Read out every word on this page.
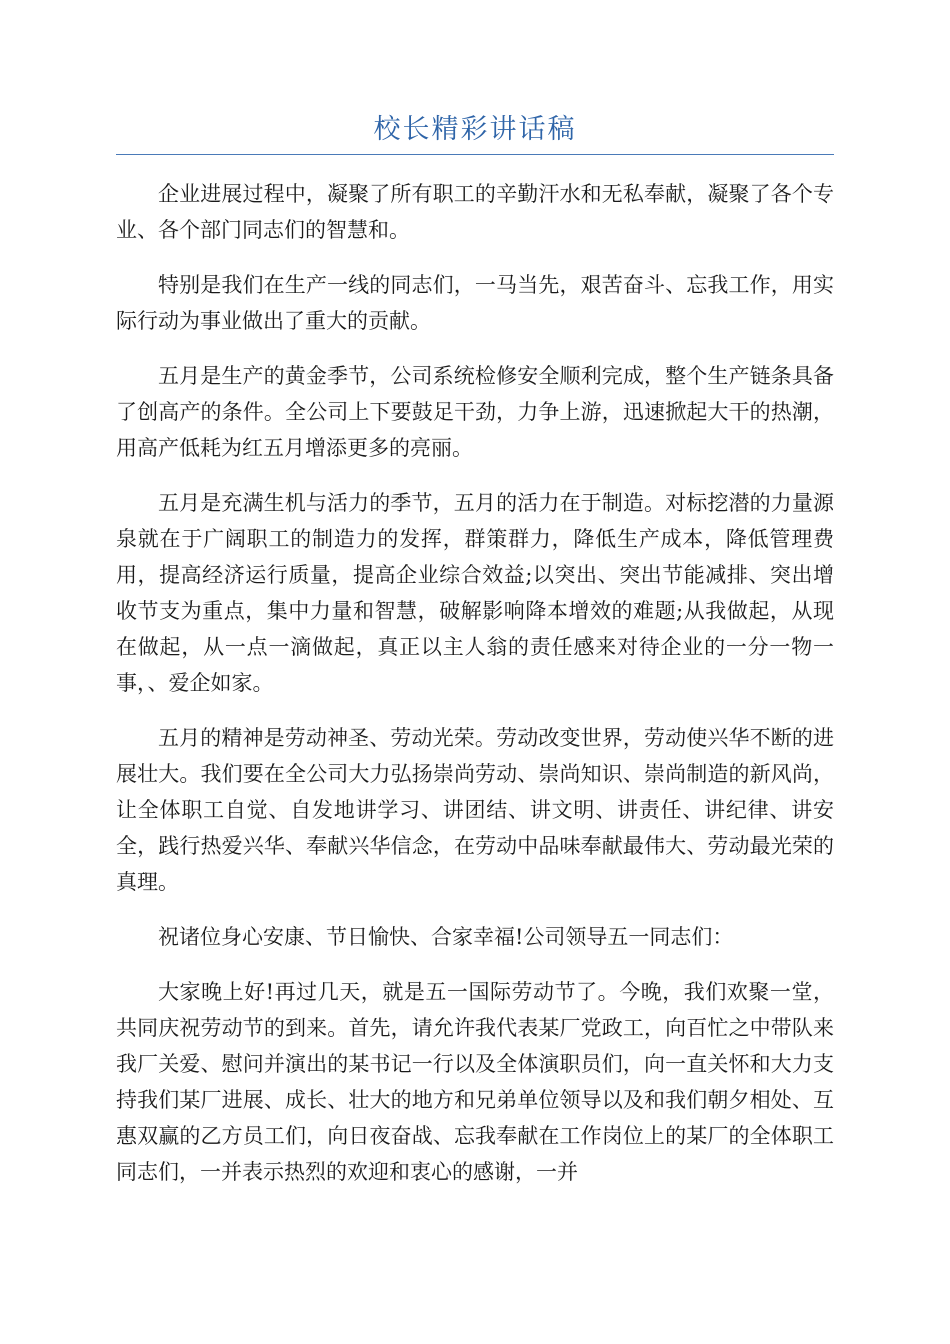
校长精彩讲话稿

企业进展过程中，凝聚了所有职工的辛勤汗水和无私奉献，凝聚了各个专业、各个部门同志们的智慧和。

特别是我们在生产一线的同志们，一马当先，艰苦奋斗、忘我工作，用实际行动为事业做出了重大的贡献。

五月是生产的黄金季节，公司系统检修安全顺利完成，整个生产链条具备了创高产的条件。全公司上下要鼓足干劲，力争上游，迅速掀起大干的热潮，用高产低耗为红五月增添更多的亮丽。

五月是充满生机与活力的季节，五月的活力在于制造。对标挖潜的力量源泉就在于广阔职工的制造力的发挥，群策群力，降低生产成本，降低管理费用，提高经济运行质量，提高企业综合效益;以突出、突出节能减排、突出增收节支为重点，集中力量和智慧，破解影响降本增效的难题;从我做起，从现在做起，从一点一滴做起，真正以主人翁的责任感来对待企业的一分一物一事，、爱企如家。

五月的精神是劳动神圣、劳动光荣。劳动改变世界，劳动使兴华不断的进展壮大。我们要在全公司大力弘扬崇尚劳动、崇尚知识、崇尚制造的新风尚，让全体职工自觉、自发地讲学习、讲团结、讲文明、讲责任、讲纪律、讲安全，践行热爱兴华、奉献兴华信念，在劳动中品味奉献最伟大、劳动最光荣的真理。

祝诸位身心安康、节日愉快、合家幸福!公司领导五一同志们：

大家晚上好!再过几天，就是五一国际劳动节了。今晚，我们欢聚一堂，共同庆祝劳动节的到来。首先，请允许我代表某厂党政工，向百忙之中带队来我厂关爱、慰问并演出的某书记一行以及全体演职员们，向一直关怀和大力支持我们某厂进展、成长、壮大的地方和兄弟单位领导以及和我们朝夕相处、互惠双赢的乙方员工们，向日夜奋战、忘我奉献在工作岗位上的某厂的全体职工同志们，一并表示热烈的欢迎和衷心的感谢，一并
